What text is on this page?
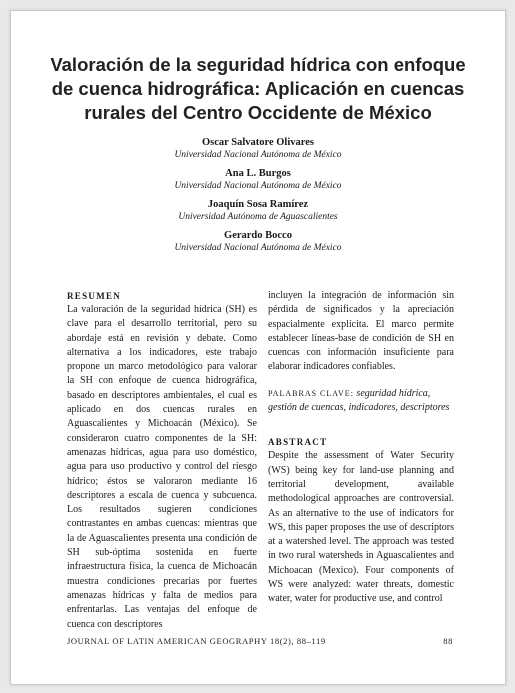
Valoración de la seguridad hídrica con enfoque
de cuenca hidrográfica: Aplicación en cuencas
rurales del Centro Occidente de México
Oscar Salvatore Olivares
Universidad Nacional Autónoma de México
Ana L. Burgos
Universidad Nacional Autónoma de México
Joaquín Sosa Ramírez
Universidad Autónoma de Aguascalientes
Gerardo Bocco
Universidad Nacional Autónoma de México
RESUMEN
La valoración de la seguridad hídrica (SH) es clave para el desarrollo territorial, pero su abordaje está en revisión y debate. Como alternativa a los indicadores, este trabajo propone un marco metodológico para valorar la SH con enfoque de cuenca hidrográfica, basado en descriptores ambientales, el cual es aplicado en dos cuencas rurales en Aguascalientes y Michoacán (México). Se consideraron cuatro componentes de la SH: amenazas hídricas, agua para uso doméstico, agua para uso productivo y control del riesgo hídrico; éstos se valoraron mediante 16 descriptores a escala de cuenca y subcuenca. Los resultados sugieren condiciones contrastantes en ambas cuencas: mientras que la de Aguascalientes presenta una condición de SH sub-óptima sostenida en fuerte infraestructura física, la cuenca de Michoacán muestra condiciones precarias por fuertes amenazas hídricas y falta de medios para enfrentarlas. Las ventajas del enfoque de cuenca con descriptores
incluyen la integración de información sin pérdida de significados y la apreciación espacialmente explícita. El marco permite establecer líneas-base de condición de SH en cuencas con información insuficiente para elaborar indicadores confiables.
PALABRAS CLAVE: seguridad hídrica, gestión de cuencas, indicadores, descriptores
ABSTRACT
Despite the assessment of Water Security (WS) being key for land-use planning and territorial development, available methodological approaches are controversial. As an alternative to the use of indicators for WS, this paper proposes the use of descriptors at a watershed level. The approach was tested in two rural watersheds in Aguascalientes and Michoacan (Mexico). Four components of WS were analyzed: water threats, domestic water, water for productive use, and control
JOURNAL OF LATIN AMERICAN GEOGRAPHY 18(2), 88–119	88
